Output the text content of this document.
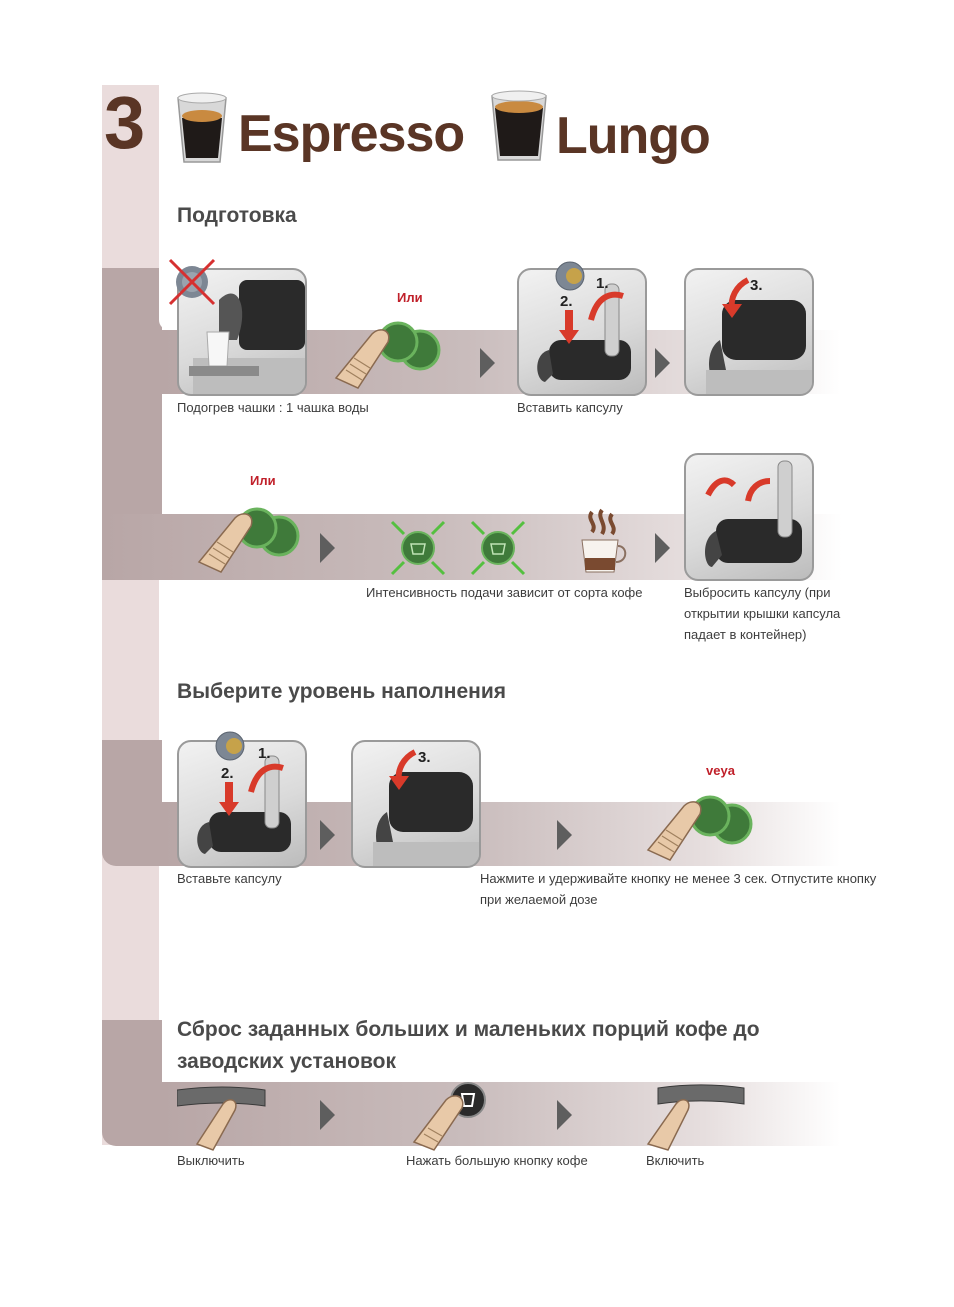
3 Espresso Lungo
Подготовка
Подогрев чашки : 1 чашка воды
Или
1.
2.
Вставить капсулу
3.
Или
Интенсивность подачи зависит от сорта кофе	Выбросить капсулу (при открытии крышки капсула падает в контейнер)
Выберите уровень наполнения
1.
2.
Вставьте капсулу
3.
veya
Нажмите и удерживайте кнопку не менее 3 сек. Отпустите кнопку при желаемой дозе
Сброс заданных больших и маленьких порций кофе до заводских установок
Выключить	Нажать большую кнопку кофе	Включить
